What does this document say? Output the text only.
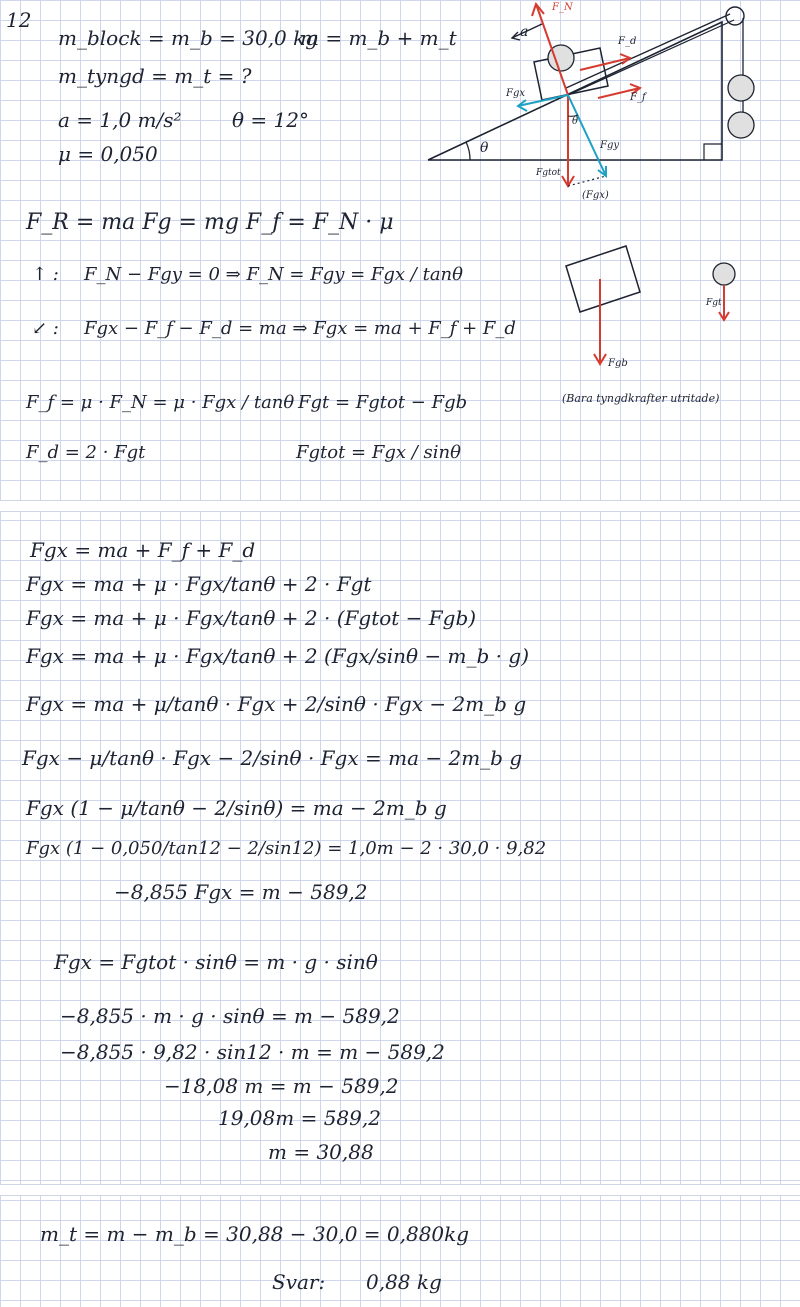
12
m_block = m_b = 30,0 kg
m = m_b + m_t
m_tyngd = m_t = ?
a = 1,0 m/s²	θ = 12°
μ = 0,050
F_N
F_d
F_f
Fgx
Fgy
Fgtot
(Fgx)
a
θ
θ
Fgt
Fgb
(Bara tyngdkrafter utritade)
F_R = ma Fg = mg F_f = F_N · μ
↑ : F_N − Fgy = 0 ⇒ F_N = Fgy = Fgx / tanθ
↙ : Fgx − F_f − F_d = ma ⇒ Fgx = ma + F_f + F_d
F_f = μ · F_N = μ · Fgx / tanθ Fgt = Fgtot − Fgb
F_d = 2 · Fgt	Fgtot = Fgx / sinθ
Fgx = ma + F_f + F_d
Fgx = ma + μ · Fgx/tanθ + 2 · Fgt
Fgx = ma + μ · Fgx/tanθ + 2 · (Fgtot − Fgb)
Fgx = ma + μ · Fgx/tanθ + 2 (Fgx/sinθ − m_b · g)
Fgx = ma + μ/tanθ · Fgx + 2/sinθ · Fgx − 2m_b g
Fgx − μ/tanθ · Fgx − 2/sinθ · Fgx = ma − 2m_b g
Fgx (1 − μ/tanθ − 2/sinθ) = ma − 2m_b g
Fgx (1 − 0,050/tan12 − 2/sin12) = 1,0m − 2 · 30,0 · 9,82
−8,855 Fgx = m − 589,2
Fgx = Fgtot · sinθ = m · g · sinθ
−8,855 · m · g · sinθ = m − 589,2
−8,855 · 9,82 · sin12 · m = m − 589,2
−18,08 m = m − 589,2
19,08m = 589,2
m = 30,88
m_t = m − m_b = 30,88 − 30,0 = 0,880kg
Svar: 0,88 kg
